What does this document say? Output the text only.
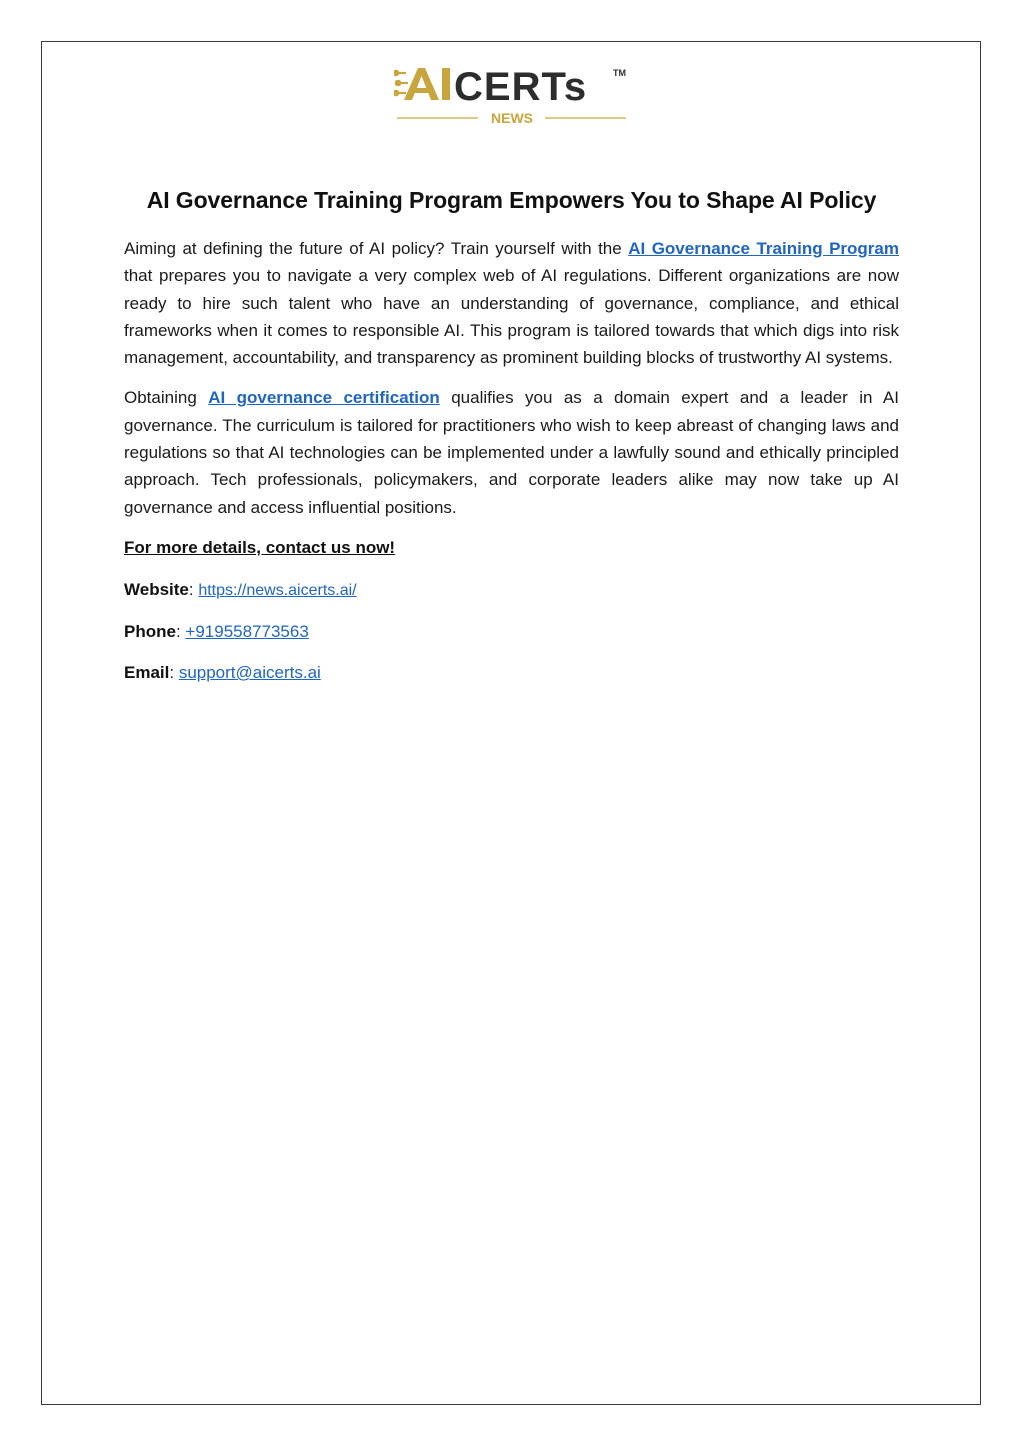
CERTs	TM
NEWS
AI Governance Training Program Empowers You to Shape AI Policy

Aiming at defining the future of AI policy? Train yourself with the AI Governance Training Program that prepares you to navigate a very complex web of AI regulations. Different organizations are now ready to hire such talent who have an understanding of governance, compliance, and ethical frameworks when it comes to responsible AI. This program is tailored towards that which digs into risk management, accountability, and transparency as prominent building blocks of trustworthy AI systems.

Obtaining AI governance certification qualifies you as a domain expert and a leader in AI governance. The curriculum is tailored for practitioners who wish to keep abreast of changing laws and regulations so that AI technologies can be implemented under a lawfully sound and ethically principled approach. Tech professionals, policymakers, and corporate leaders alike may now take up AI governance and access influential positions.

For more details, contact us now!
Website: https://news.aicerts.ai/
Phone: +919558773563
Email: support@aicerts.ai
